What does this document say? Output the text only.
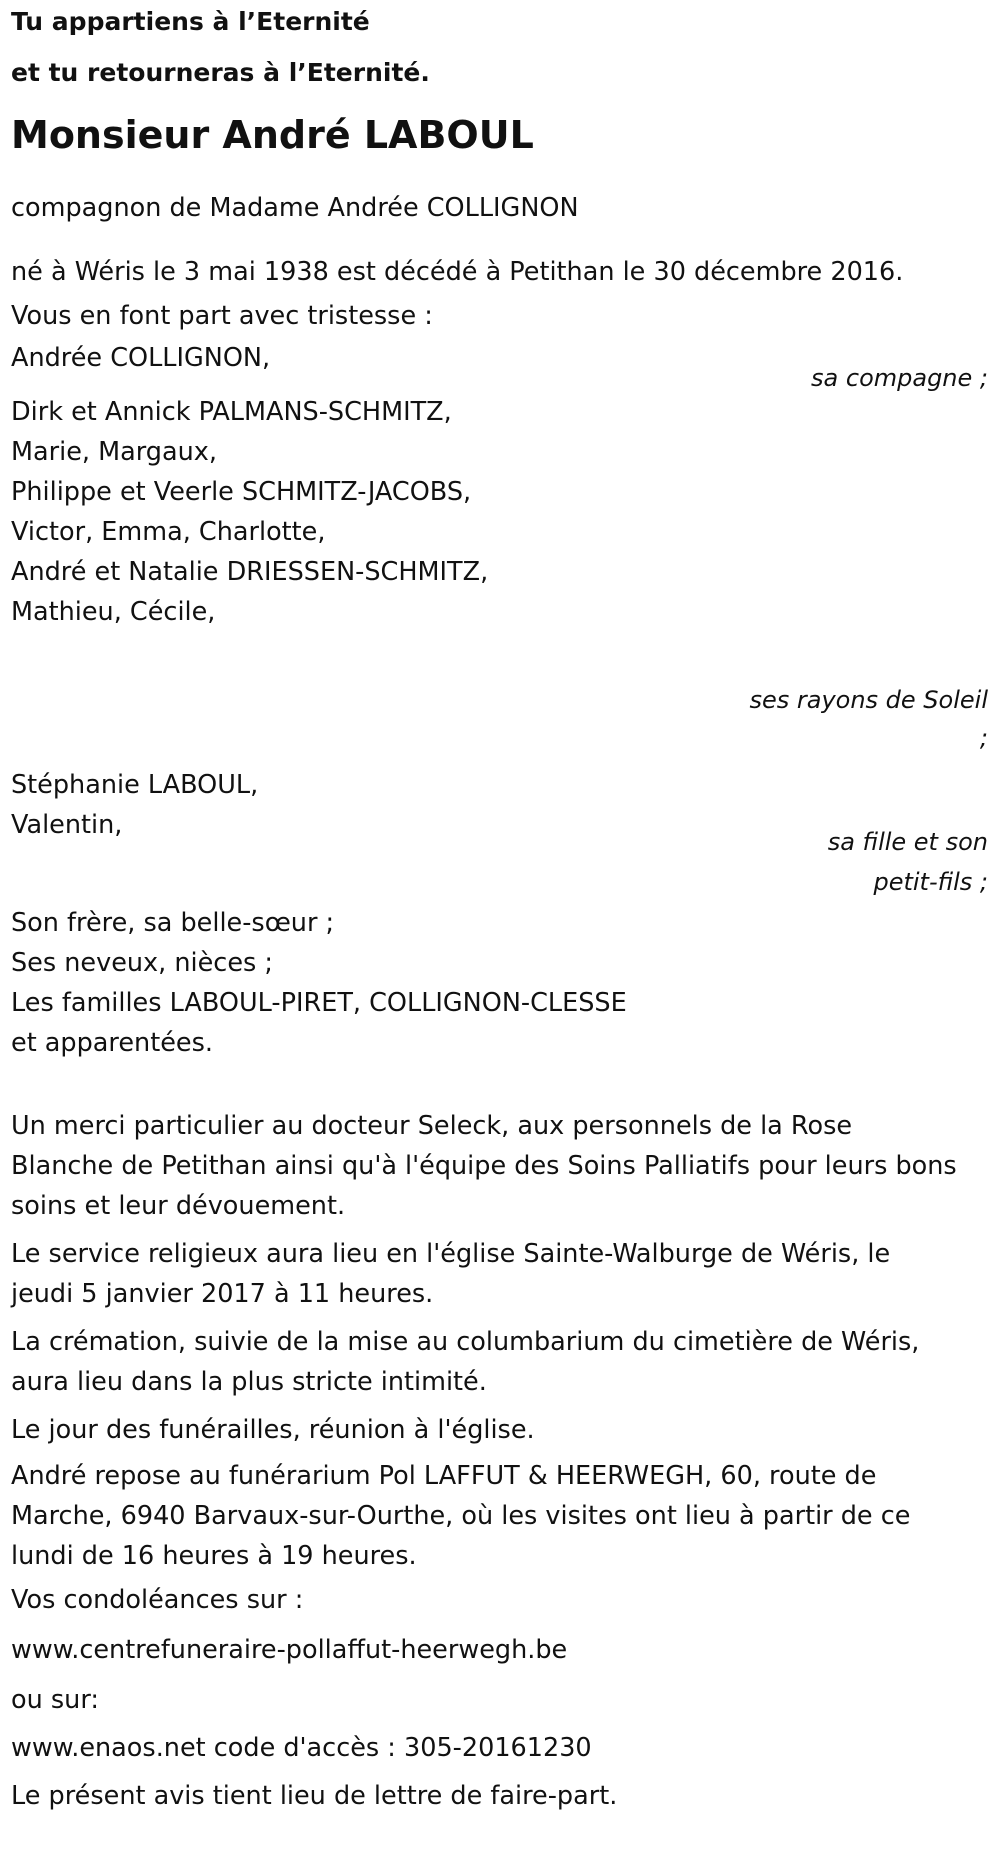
Tu appartiens à l’Eternité
et tu retourneras à l’Eternité.
Monsieur André LABOUL
compagnon de Madame Andrée COLLIGNON
né à Wéris le 3 mai 1938 est décédé à Petithan le 30 décembre 2016.
Vous en font part avec tristesse :
Andrée COLLIGNON,
sa compagne ;
Dirk et Annick PALMANS-SCHMITZ,
Marie, Margaux,
Philippe et Veerle SCHMITZ-JACOBS,
Victor, Emma, Charlotte,
André et Natalie DRIESSEN-SCHMITZ,
Mathieu, Cécile,
ses rayons de Soleil
;
Stéphanie LABOUL,
Valentin,
sa fille et son
petit-fils ;
Son frère, sa belle-sœur ;
Ses neveux, nièces ;
Les familles LABOUL-PIRET, COLLIGNON-CLESSE
et apparentées.
Un merci particulier au docteur Seleck, aux personnels de la Rose
Blanche de Petithan ainsi qu'à l'équipe des Soins Palliatifs pour leurs bons
soins et leur dévouement.
Le service religieux aura lieu en l'église Sainte-Walburge de Wéris, le
jeudi 5 janvier 2017 à 11 heures.
La crémation, suivie de la mise au columbarium du cimetière de Wéris,
aura lieu dans la plus stricte intimité.
Le jour des funérailles, réunion à l'église.
André repose au funérarium Pol LAFFUT & HEERWEGH, 60, route de
Marche, 6940 Barvaux-sur-Ourthe, où les visites ont lieu à partir de ce
lundi de 16 heures à 19 heures.
Vos condoléances sur :
www.centrefuneraire-pollaffut-heerwegh.be
ou sur:
www.enaos.net code d'accès : 305-20161230
Le présent avis tient lieu de lettre de faire-part.
